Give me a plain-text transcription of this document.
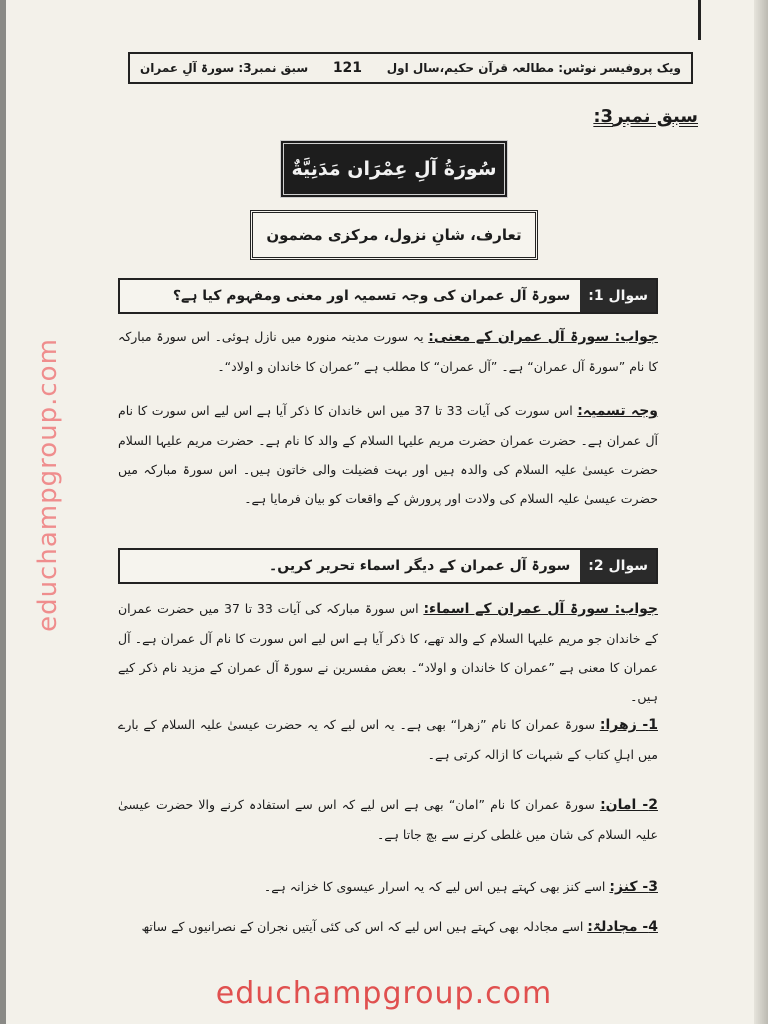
ویک پروفیسر نوٹس: مطالعہ قرآن حکیم،سال اول
121
سبق نمبر3: سورۃ آلِ عمران
سبق نمبر3:
سُورَةُ آلِ عِمْرَان مَدَنِيَّةٌ
تعارف، شانِ نزول، مرکزی مضمون
سوال 1:
سورۃ آل عمران کی وجہ تسمیہ اور معنی ومفہوم کیا ہے؟
جواب: سورۃ آل عمران کے معنی: یہ سورت مدینہ منورہ میں نازل ہوئی۔ اس سورۃ مبارکہ کا نام ”سورۃ آل عمران“ ہے۔ ”آل عمران“ کا مطلب ہے ”عمران کا خاندان و اولاد“۔
وجہ تسمیہ: اس سورت کی آیات 33 تا 37 میں اس خاندان کا ذکر آیا ہے اس لیے اس سورت کا نام آل عمران ہے۔ حضرت عمران حضرت مریم علیہا السلام کے والد کا نام ہے۔ حضرت مریم علیہا السلام حضرت عیسیٰ علیہ السلام کی والدہ ہیں اور بہت فضیلت والی خاتون ہیں۔ اس سورۃ مبارکہ میں حضرت عیسیٰ علیہ السلام کی ولادت اور پرورش کے واقعات کو بیان فرمایا ہے۔
سوال 2:
سورۃ آل عمران کے دیگر اسماء تحریر کریں۔
جواب: سورۃ آل عمران کے اسماء: اس سورۃ مبارکہ کی آیات 33 تا 37 میں حضرت عمران کے خاندان جو مریم علیہا السلام کے والد تھے، کا ذکر آیا ہے اس لیے اس سورت کا نام آل عمران ہے۔ آل عمران کا معنی ہے ”عمران کا خاندان و اولاد“۔ بعض مفسرین نے سورۃ آل عمران کے مزید نام ذکر کیے ہیں۔
1- زھرا: سورۃ عمران کا نام ”زھرا“ بھی ہے۔ یہ اس لیے کہ یہ حضرت عیسیٰ علیہ السلام کے بارے میں اہلِ کتاب کے شبہات کا ازالہ کرتی ہے۔
2- امان: سورۃ عمران کا نام ”امان“ بھی ہے اس لیے کہ اس سے استفادہ کرنے والا حضرت عیسیٰ علیہ السلام کی شان میں غلطی کرنے سے بچ جاتا ہے۔
3- کنز: اسے کنز بھی کہتے ہیں اس لیے کہ یہ اسرار عیسوی کا خزانہ ہے۔
4- مجادلۃ: اسے مجادلہ بھی کہتے ہیں اس لیے کہ اس کی کئی آیتیں نجران کے نصرانیوں کے ساتھ
educhampgroup.com
educhampgroup.com
